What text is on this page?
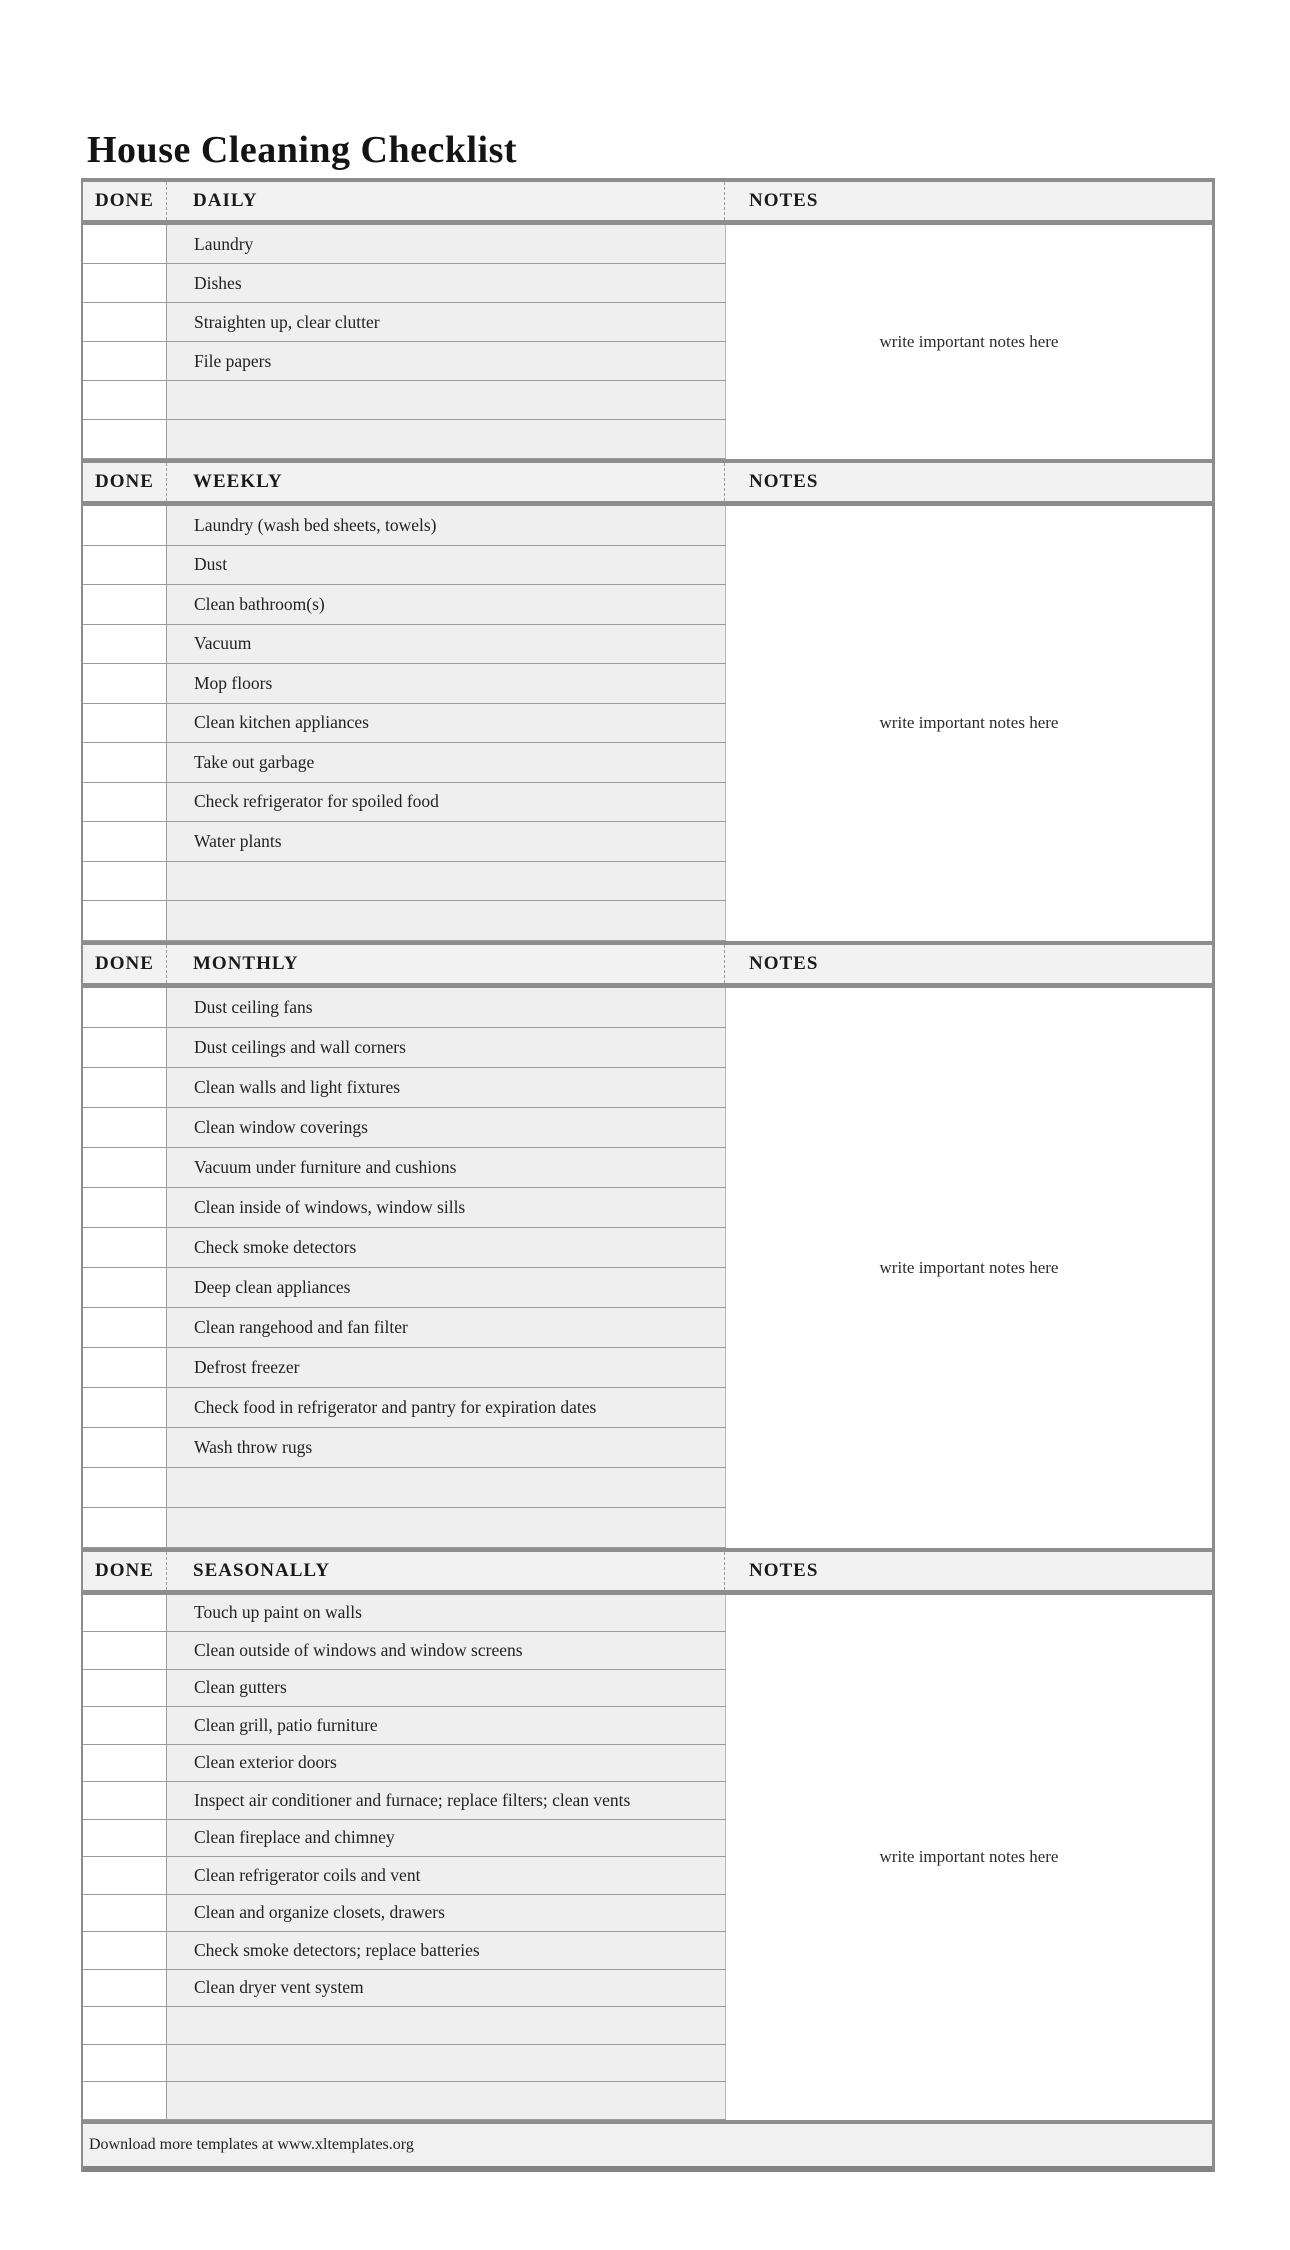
House Cleaning Checklist
DONE DAILY	NOTES
Laundry
Dishes
Straighten up, clear clutter
File papers
write important notes here
DONE WEEKLY	NOTES
Laundry (wash bed sheets, towels)
Dust
Clean bathroom(s)
Vacuum
Mop floors
Clean kitchen appliances
Take out garbage
Check refrigerator for spoiled food
Water plants
write important notes here
DONE MONTHLY	NOTES
Dust ceiling fans
Dust ceilings and wall corners
Clean walls and light fixtures
Clean window coverings
Vacuum under furniture and cushions
Clean inside of windows, window sills
Check smoke detectors
Deep clean appliances
Clean rangehood and fan filter
Defrost freezer
Check food in refrigerator and pantry for expiration dates
Wash throw rugs
write important notes here
DONE SEASONALLY	NOTES
Touch up paint on walls
Clean outside of windows and window screens
Clean gutters
Clean grill, patio furniture
Clean exterior doors
Inspect air conditioner and furnace; replace filters; clean vents
Clean fireplace and chimney
Clean refrigerator coils and vent
Clean and organize closets, drawers
Check smoke detectors; replace batteries
Clean dryer vent system
write important notes here
Download more templates at www.xltemplates.org
